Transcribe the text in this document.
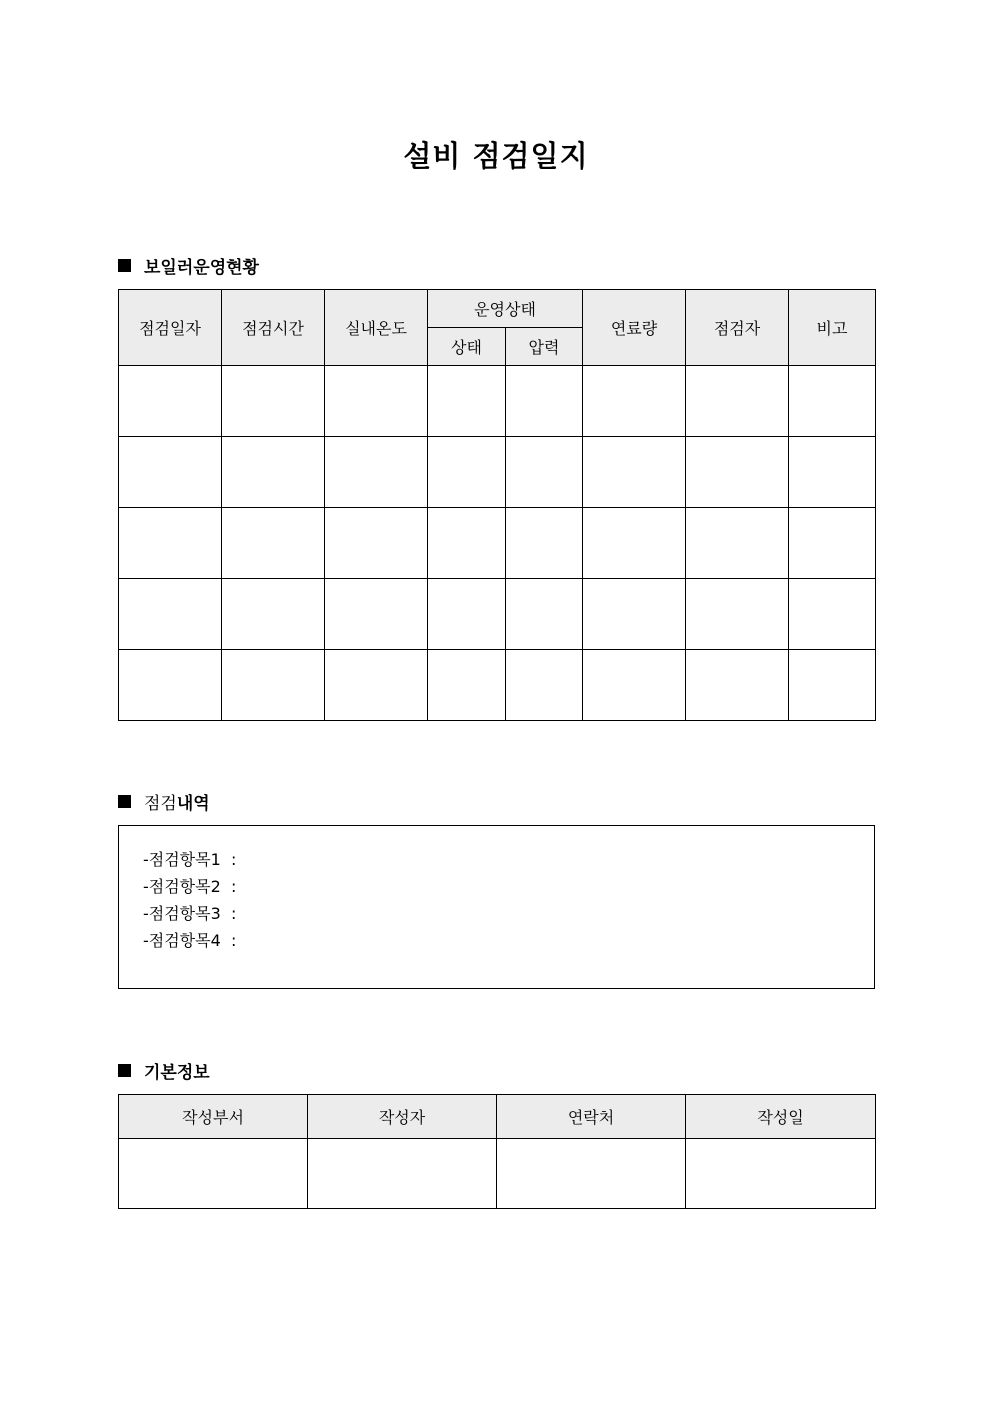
설비 점검일지
보일러운영현황
점검일자	점검시간	실내온도	운영상태		연료량	점검자	비고
			상태	압력			

점검 내역
-점검항목1  :
-점검항목2  :
-점검항목3  :
-점검항목4  :
기본정보
작성부서	작성자	연락처	작성일
